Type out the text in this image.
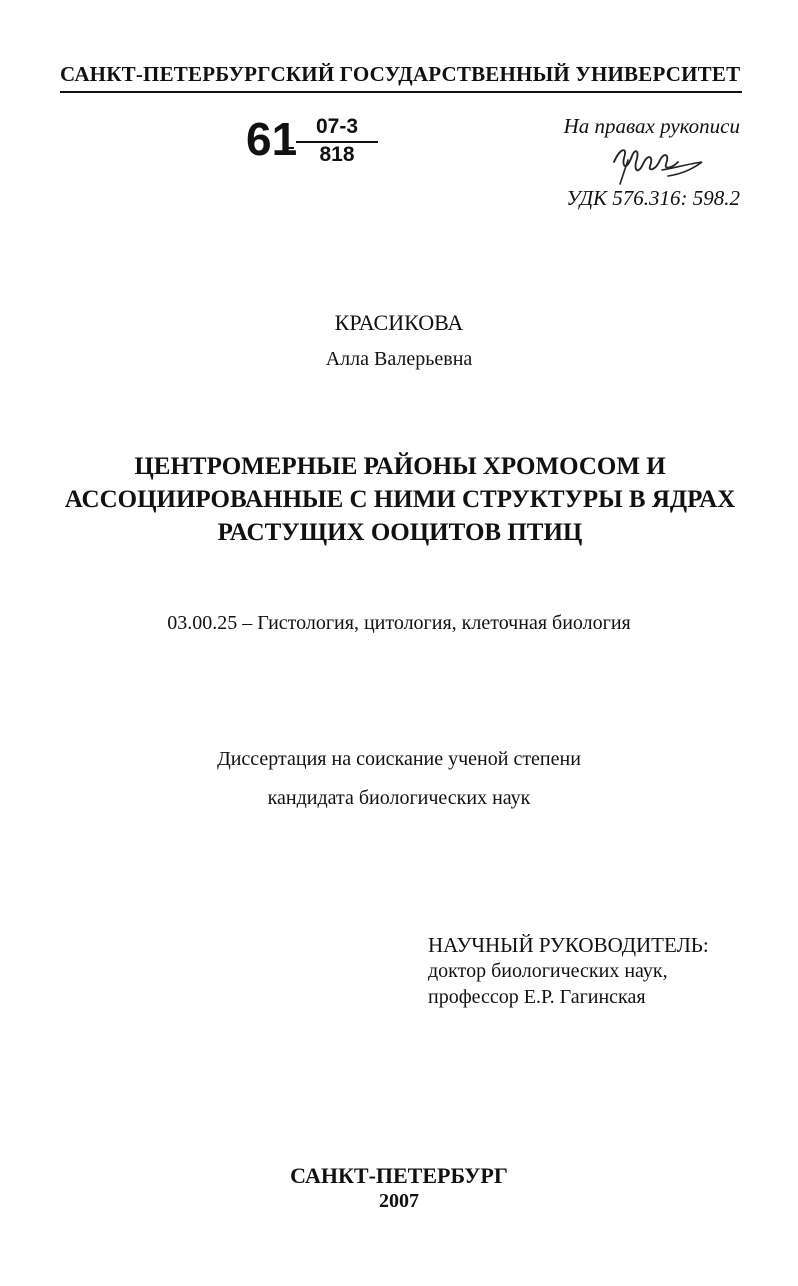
САНКТ-ПЕТЕРБУРГСКИЙ ГОСУДАРСТВЕННЫЙ УНИВЕРСИТЕТ
61 07-3
818
На правах рукописи
УДК 576.316: 598.2
КРАСИКОВА
Алла Валерьевна
ЦЕНТРОМЕРНЫЕ РАЙОНЫ ХРОМОСОМ И
АССОЦИИРОВАННЫЕ С НИМИ СТРУКТУРЫ В ЯДРАХ
РАСТУЩИХ ООЦИТОВ ПТИЦ
03.00.25 – Гистология, цитология, клеточная биология
Диссертация на соискание ученой степени
кандидата биологических наук
НАУЧНЫЙ РУКОВОДИТЕЛЬ:
доктор биологических наук,
профессор Е.Р. Гагинская
САНКТ-ПЕТЕРБУРГ
2007
